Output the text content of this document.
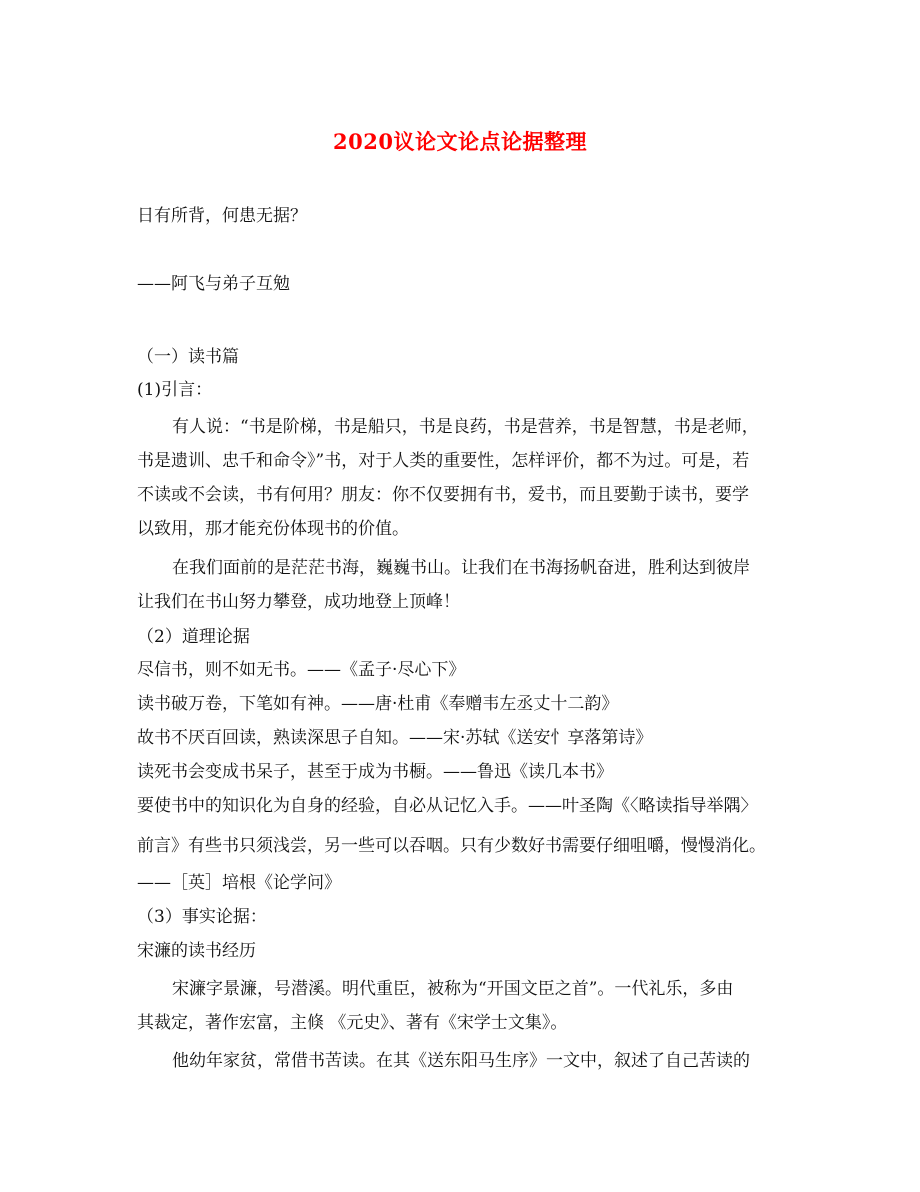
2020议论文论点论据整理
日有所背，何患无据？
——阿飞与弟子互勉
（一）读书篇
(1)引言：
有人说：“书是阶梯，书是船只，书是良药，书是营养，书是智慧，书是老师，
书是遗训、忠千和命令》”书，对于人类的重要性，怎样评价，都不为过。可是，若
不读或不会读，书有何用？朋友：你不仅要拥有书，爱书，而且要勤于读书，要学
以致用，那才能充份体现书的价值。
在我们面前的是茫茫书海，巍巍书山。让我们在书海扬帆奋进，胜利达到彼岸
让我们在书山努力攀登，成功地登上顶峰！
（2）道理论据
尽信书，则不如无书。——《孟子·尽心下》
读书破万卷，下笔如有神。——唐·杜甫《奉赠韦左丞丈十二韵》
故书不厌百回读，熟读深思子自知。——宋·苏轼《送安忄享落第诗》
读死书会变成书呆子，甚至于成为书橱。——鲁迅《读几本书》
要使书中的知识化为自身的经验，自必从记忆入手。——叶圣陶《〈略读指导举隅〉
前言》有些书只须浅尝，另一些可以吞咽。只有少数好书需要仔细咀嚼，慢慢消化。
——［英］培根《论学问》
（3）事实论据：
宋濂的读书经历
宋濂字景濂，号潜溪。明代重臣，被称为“开国文臣之首”。一代礼乐，多由
其裁定，著作宏富，主倏 《元史》、著有《宋学士文集》。
他幼年家贫，常借书苦读。在其《送东阳马生序》一文中，叙述了自己苦读的
